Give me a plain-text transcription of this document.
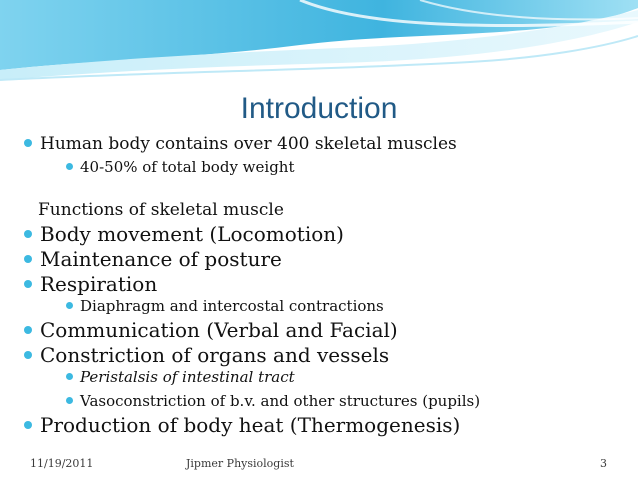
Introduction
Human body contains over 400 skeletal muscles
40-50% of total body weight
Functions of skeletal muscle
Body movement (Locomotion)
Maintenance of posture
Respiration
Diaphragm and intercostal contractions
Communication (Verbal and Facial)
Constriction of organs and vessels
Peristalsis of intestinal tract
Vasoconstriction of b.v. and other structures (pupils)
Production of body heat (Thermogenesis)
11/19/2011	Jipmer Physiologist	3
